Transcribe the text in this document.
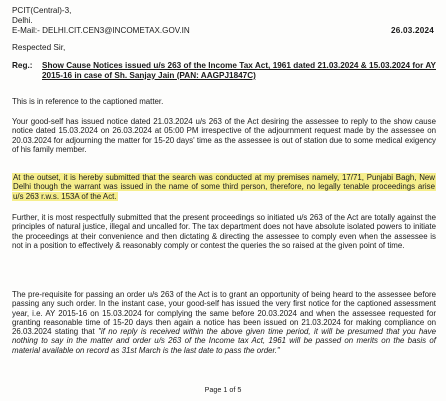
PCIT(Central)-3,
Delhi.
E-Mail:- DELHI.CIT.CEN3@INCOMETAX.GOV.IN	26.03.2024
Respected Sir,
Reg.:	Show Cause Notices issued u/s 263 of the Income Tax Act, 1961 dated 21.03.2024 & 15.03.2024 for AY 2015-16 in case of Sh. Sanjay Jain (PAN: AAGPJ1847C)
This is in reference to the captioned matter.
Your good-self has issued notice dated 21.03.2024 u/s 263 of the Act desiring the assessee to reply to the show cause notice dated 15.03.2024 on 26.03.2024 at 05:00 PM irrespective of the adjournment request made by the assessee on 20.03.2024 for adjourning the matter for 15-20 days' time as the assessee is out of station due to some medical exigency of his family member.
At the outset, it is hereby submitted that the search was conducted at my premises namely, 17/71, Punjabi Bagh, New Delhi though the warrant was issued in the name of some third person, therefore, no legally tenable proceedings arise u/s 263 r.w.s. 153A of the Act.
Further, it is most respectfully submitted that the present proceedings so initiated u/s 263 of the Act are totally against the principles of natural justice, illegal and uncalled for. The tax department does not have absolute isolated powers to initiate the proceedings at their convenience and then dictating & directing the assessee to comply even when the assessee is not in a position to effectively & reasonably comply or contest the queries the so raised at the given point of time.
The pre-requisite for passing an order u/s 263 of the Act is to grant an opportunity of being heard to the assessee before passing any such order. In the instant case, your good-self has issued the very first notice for the captioned assessment year, i.e. AY 2015-16 on 15.03.2024 for complying the same before 20.03.2024 and when the assessee requested for granting reasonable time of 15-20 days then again a notice has been issued on 21.03.2024 for making compliance on 26.03.2024 stating that "if no reply is received within the above given time period, it will be presumed that you have nothing to say in the matter and order u/s 263 of the Income tax Act, 1961 will be passed on merits on the basis of material available on record as 31st March is the last date to pass the order."
Page 1 of 5
